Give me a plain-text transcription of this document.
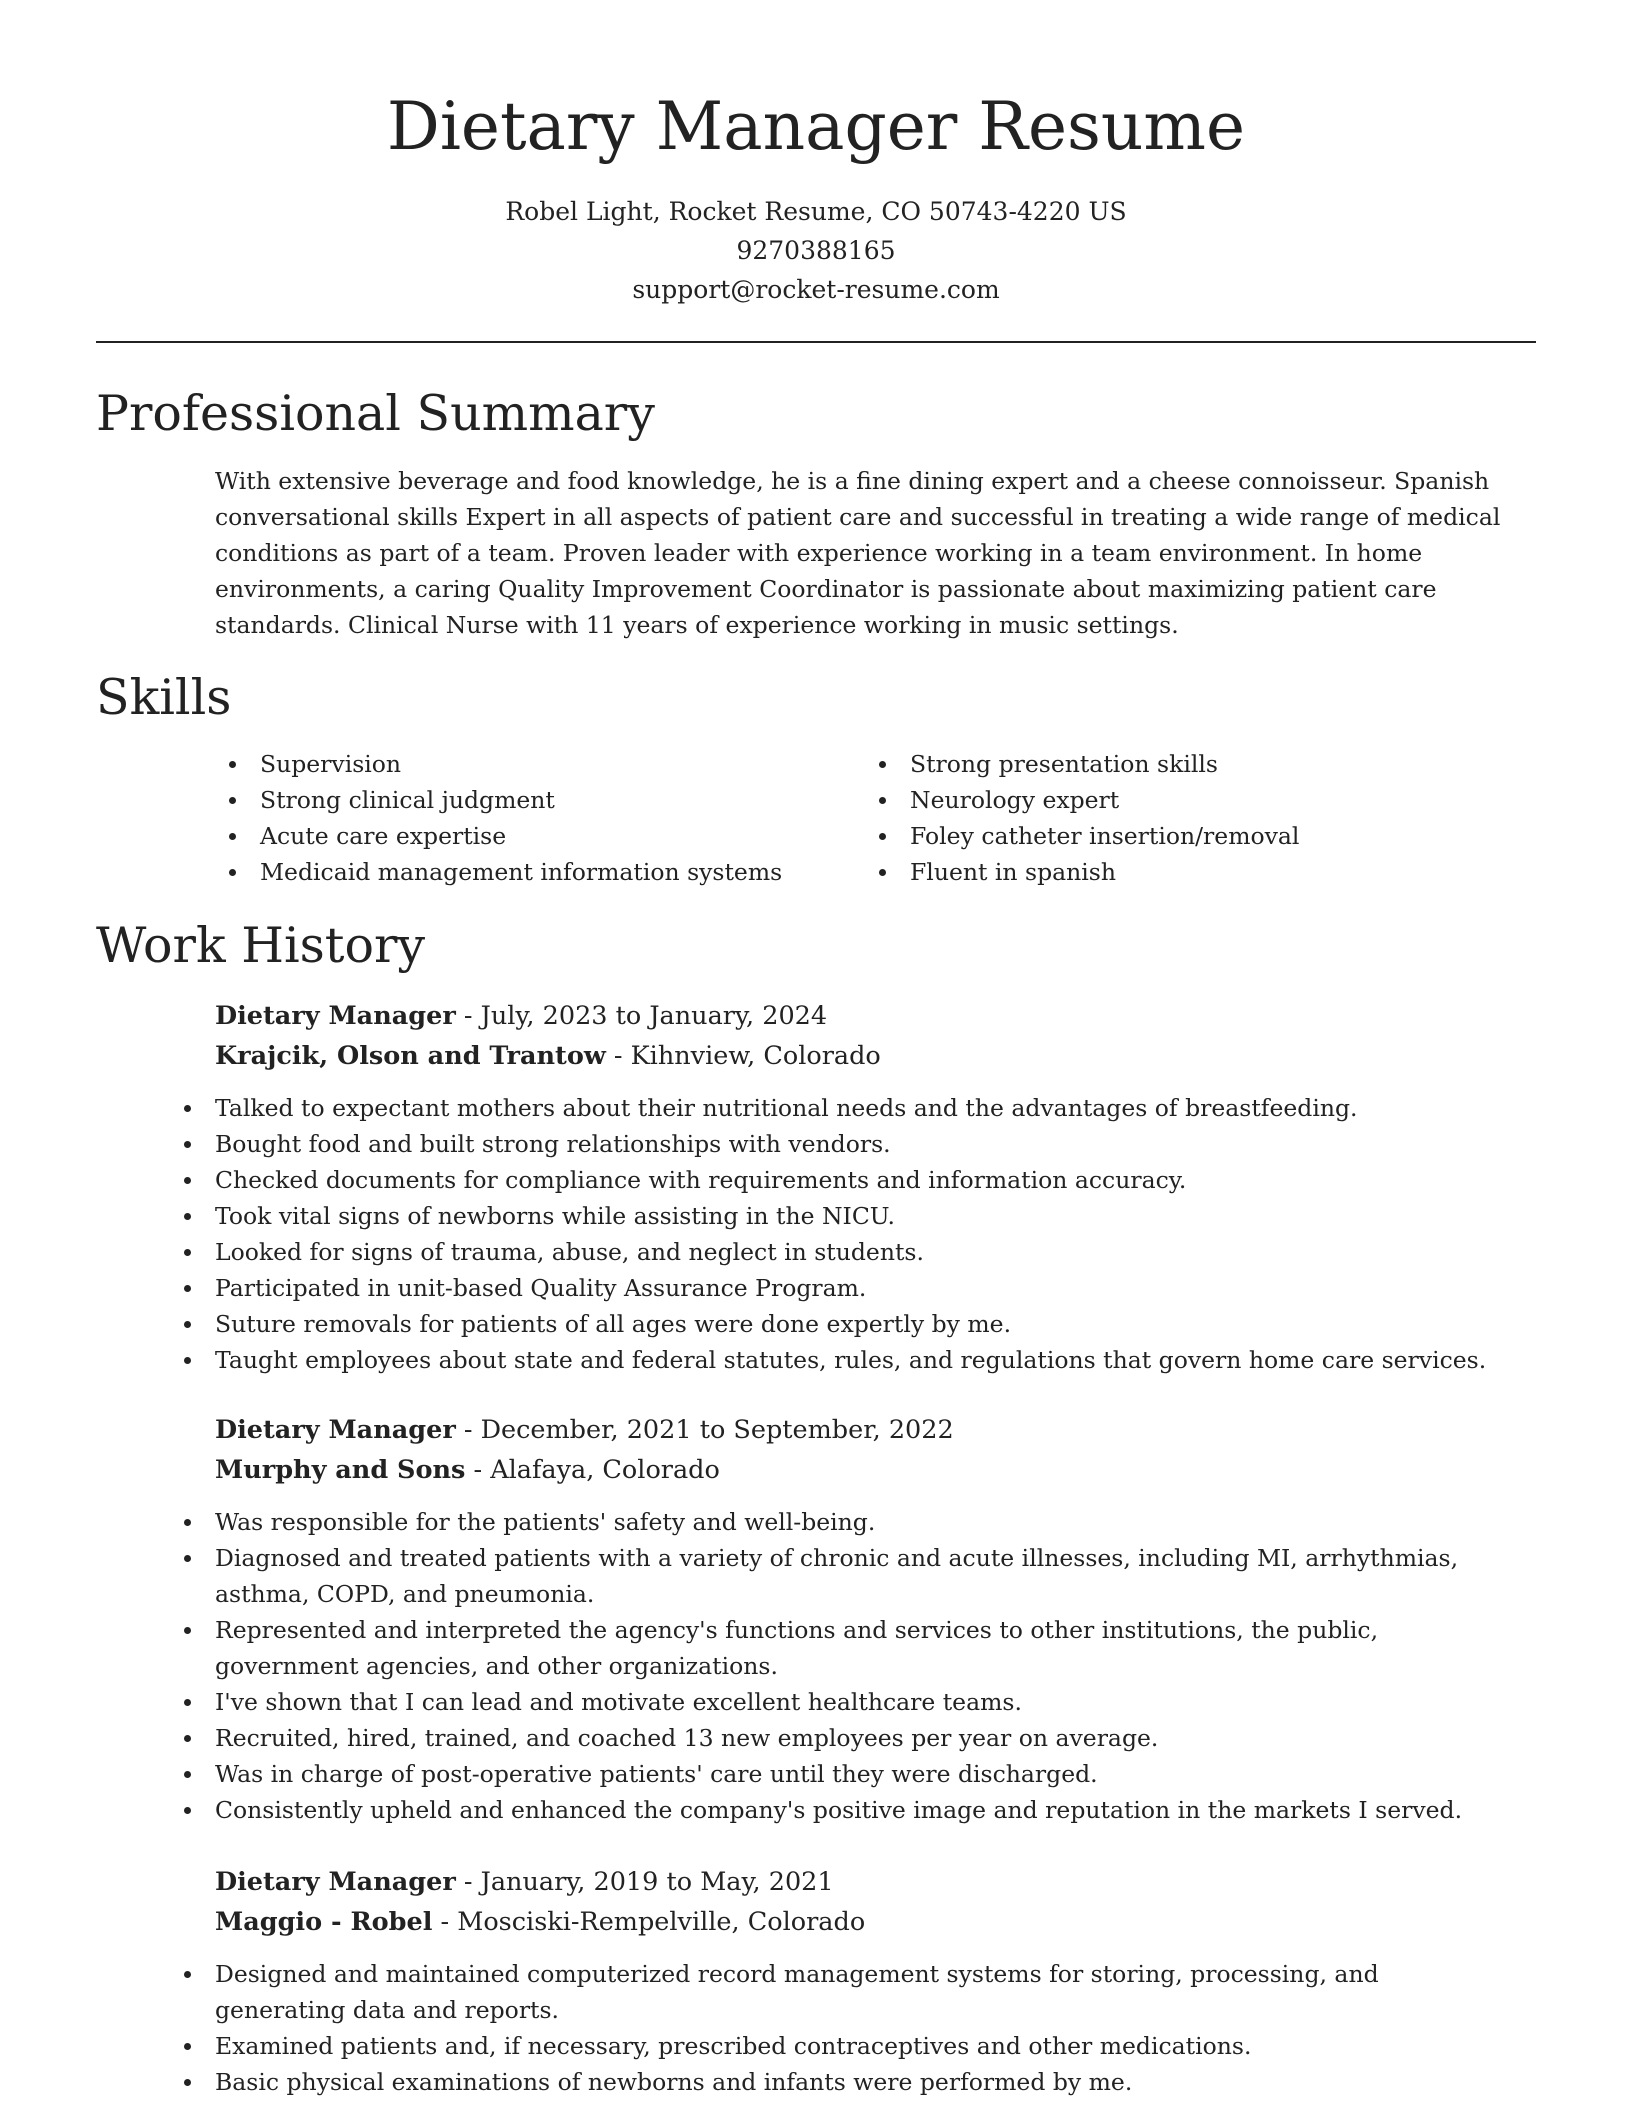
Dietary Manager Resume
Robel Light, Rocket Resume, CO 50743-4220 US
9270388165
support@rocket-resume.com
Professional Summary

With extensive beverage and food knowledge, he is a fine dining expert and a cheese connoisseur. Spanish conversational skills Expert in all aspects of patient care and successful in treating a wide range of medical conditions as part of a team. Proven leader with experience working in a team environment. In home environments, a caring Quality Improvement Coordinator is passionate about maximizing patient care standards. Clinical Nurse with 11 years of experience working in music settings.

Skills
Supervision
Strong clinical judgment
Acute care expertise
Medicaid management information systems
Strong presentation skills
Neurology expert
Foley catheter insertion/removal
Fluent in spanish
Work History
Dietary Manager - July, 2023 to January, 2024
Krajcik, Olson and Trantow - Kihnview, Colorado
Talked to expectant mothers about their nutritional needs and the advantages of breastfeeding.
Bought food and built strong relationships with vendors.
Checked documents for compliance with requirements and information accuracy.
Took vital signs of newborns while assisting in the NICU.
Looked for signs of trauma, abuse, and neglect in students.
Participated in unit-based Quality Assurance Program.
Suture removals for patients of all ages were done expertly by me.
Taught employees about state and federal statutes, rules, and regulations that govern home care services.
Dietary Manager - December, 2021 to September, 2022
Murphy and Sons - Alafaya, Colorado
Was responsible for the patients' safety and well-being.
Diagnosed and treated patients with a variety of chronic and acute illnesses, including MI, arrhythmias, asthma, COPD, and pneumonia.
Represented and interpreted the agency's functions and services to other institutions, the public, government agencies, and other organizations.
I've shown that I can lead and motivate excellent healthcare teams.
Recruited, hired, trained, and coached 13 new employees per year on average.
Was in charge of post-operative patients' care until they were discharged.
Consistently upheld and enhanced the company's positive image and reputation in the markets I served.
Dietary Manager - January, 2019 to May, 2021
Maggio - Robel - Mosciski-Rempelville, Colorado
Designed and maintained computerized record management systems for storing, processing, and generating data and reports.
Examined patients and, if necessary, prescribed contraceptives and other medications.
Basic physical examinations of newborns and infants were performed by me.
